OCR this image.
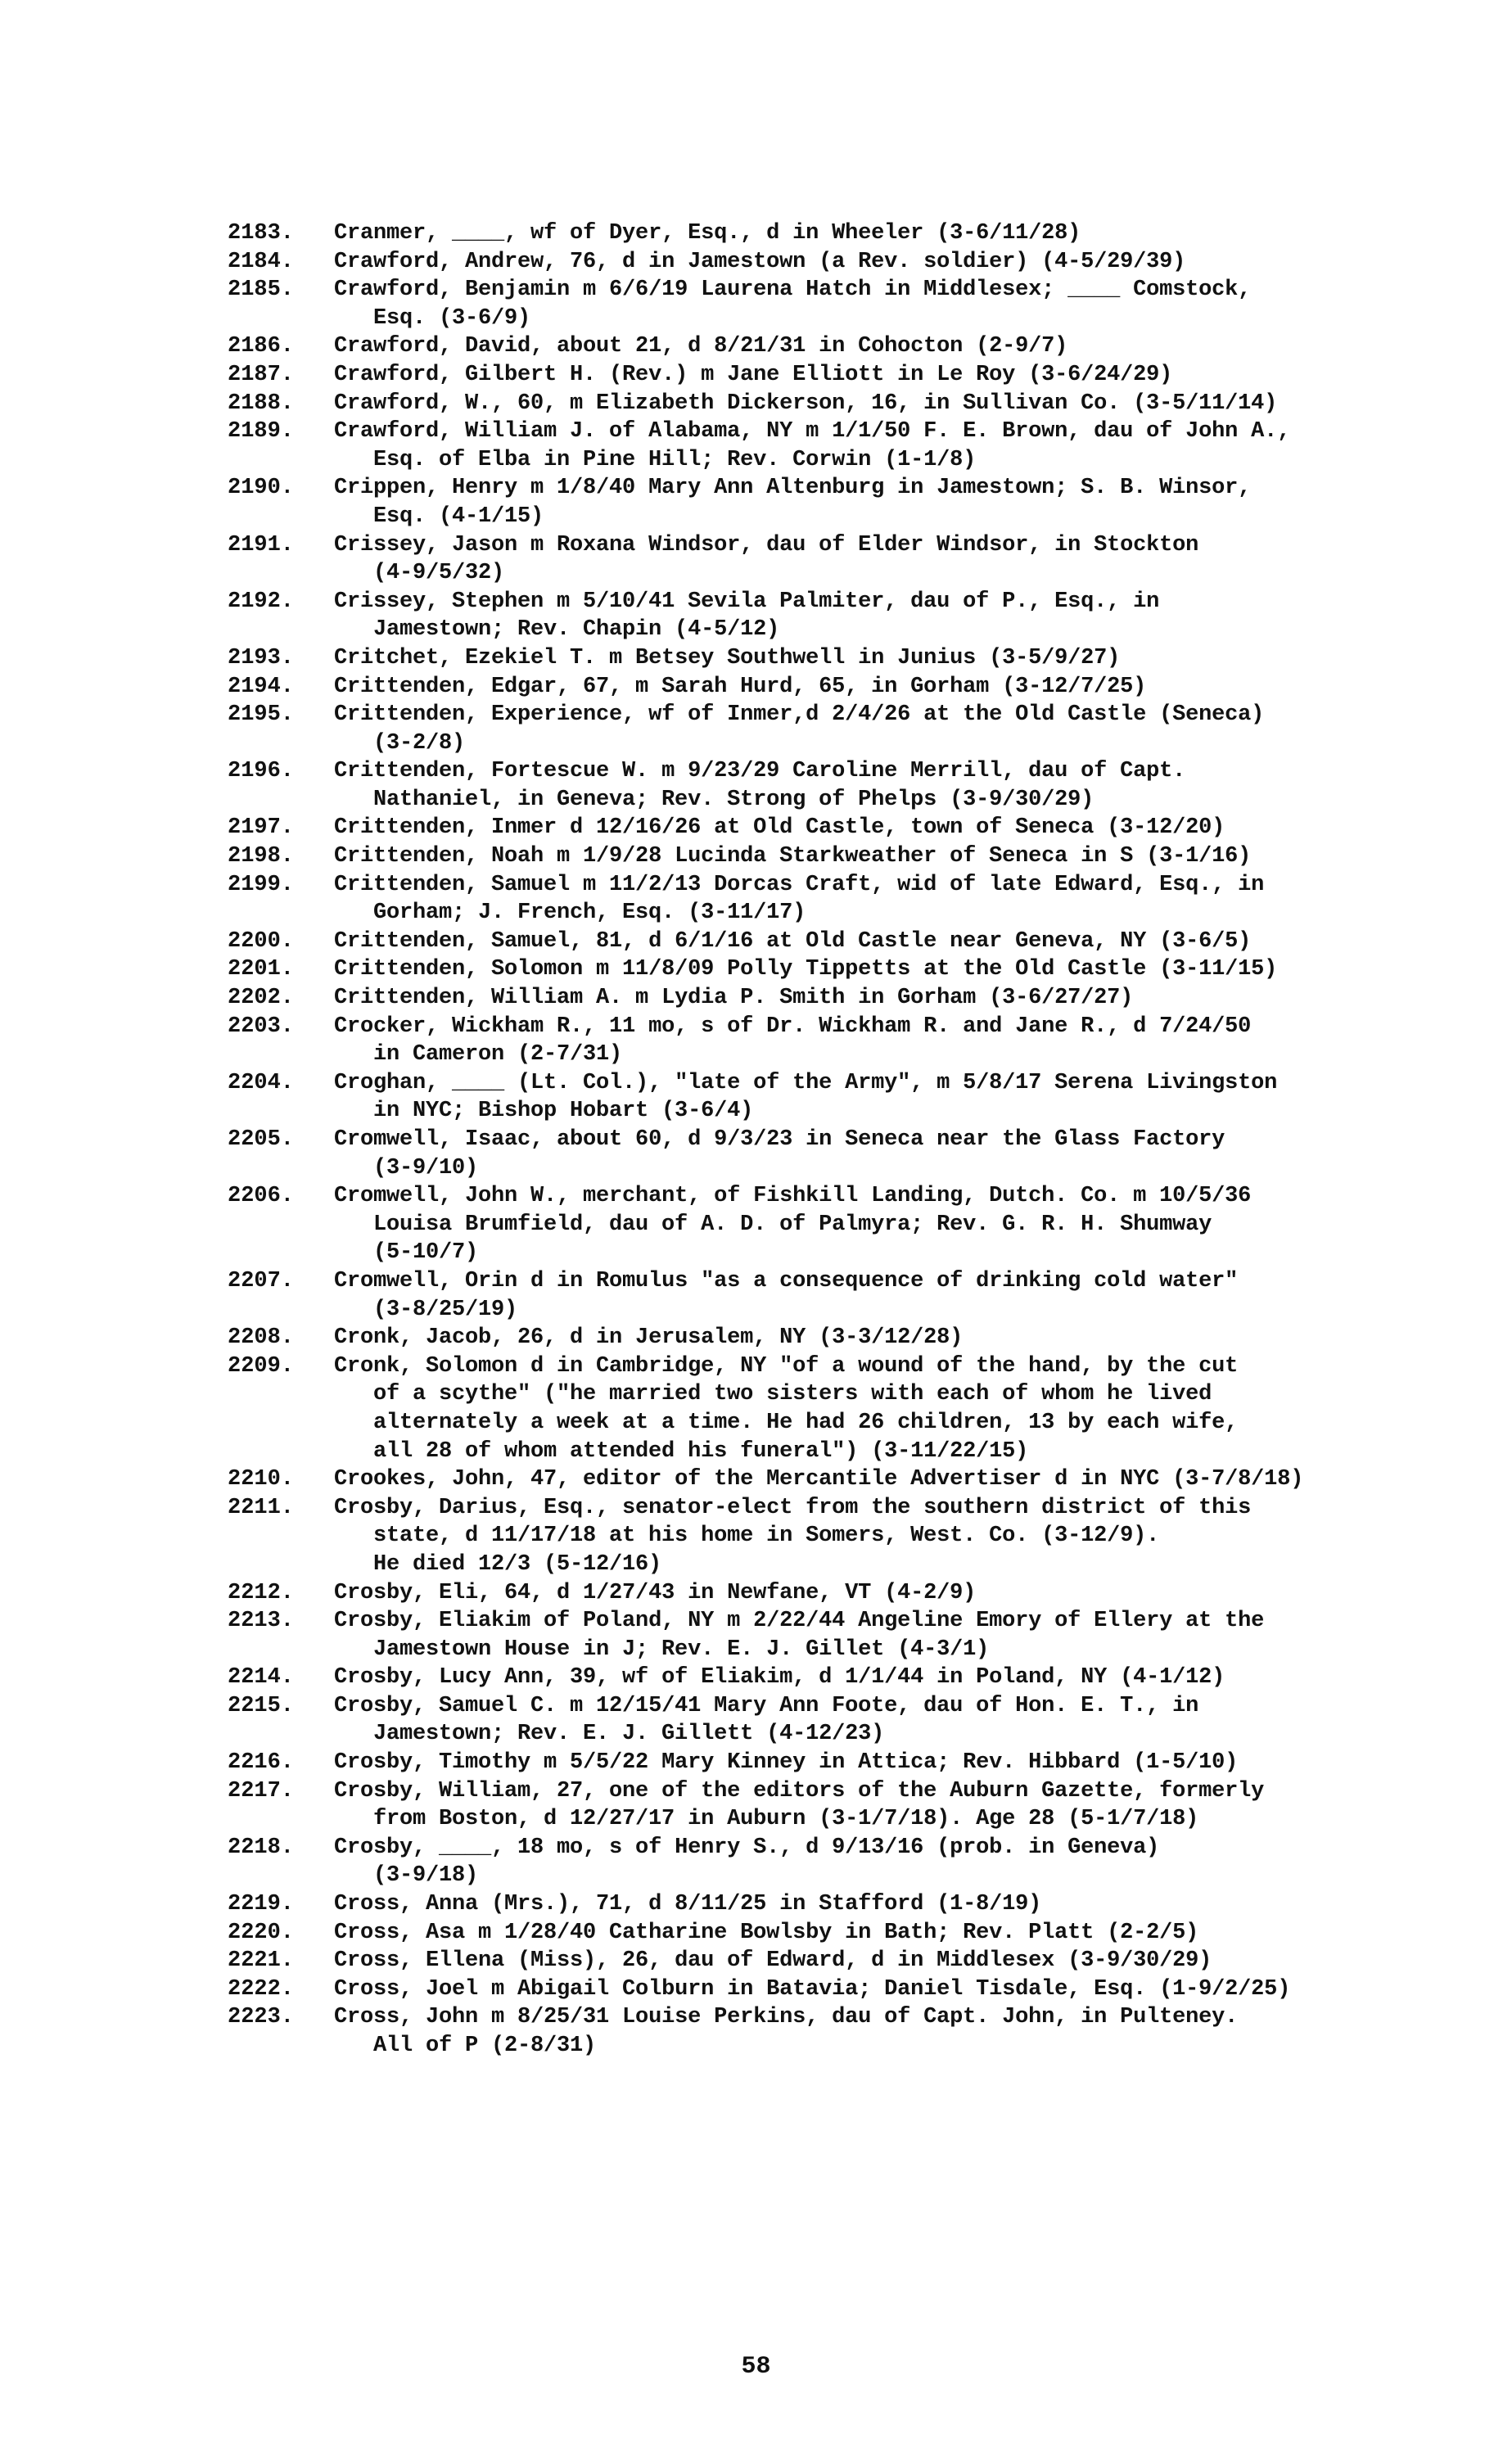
2183.	Cranmer, ____, wf of Dyer, Esq., d in Wheeler (3-6/11/28)
2184.	Crawford, Andrew, 76, d in Jamestown (a Rev. soldier) (4-5/29/39)
2185.	Crawford, Benjamin m 6/6/19 Laurena Hatch in Middlesex; ____ Comstock,
Esq. (3-6/9)
2186.	Crawford, David, about 21, d 8/21/31 in Cohocton (2-9/7)
2187.	Crawford, Gilbert H. (Rev.) m Jane Elliott in Le Roy (3-6/24/29)
2188.	Crawford, W., 60, m Elizabeth Dickerson, 16, in Sullivan Co. (3-5/11/14)
2189.	Crawford, William J. of Alabama, NY m 1/1/50 F. E. Brown, dau of John A.,
Esq. of Elba in Pine Hill; Rev. Corwin (1-1/8)
2190.	Crippen, Henry m 1/8/40 Mary Ann Altenburg in Jamestown; S. B. Winsor,
Esq. (4-1/15)
2191.	Crissey, Jason m Roxana Windsor, dau of Elder Windsor, in Stockton
(4-9/5/32)
2192.	Crissey, Stephen m 5/10/41 Sevila Palmiter, dau of P., Esq., in
Jamestown; Rev. Chapin (4-5/12)
2193.	Critchet, Ezekiel T. m Betsey Southwell in Junius (3-5/9/27)
2194.	Crittenden, Edgar, 67, m Sarah Hurd, 65, in Gorham (3-12/7/25)
2195.	Crittenden, Experience, wf of Inmer,d 2/4/26 at the Old Castle (Seneca)
(3-2/8)
2196.	Crittenden, Fortescue W. m 9/23/29 Caroline Merrill, dau of Capt.
Nathaniel, in Geneva; Rev. Strong of Phelps (3-9/30/29)
2197.	Crittenden, Inmer d 12/16/26 at Old Castle, town of Seneca (3-12/20)
2198.	Crittenden, Noah m 1/9/28 Lucinda Starkweather of Seneca in S (3-1/16)
2199.	Crittenden, Samuel m 11/2/13 Dorcas Craft, wid of late Edward, Esq., in
Gorham; J. French, Esq. (3-11/17)
2200.	Crittenden, Samuel, 81, d 6/1/16 at Old Castle near Geneva, NY (3-6/5)
2201.	Crittenden, Solomon m 11/8/09 Polly Tippetts at the Old Castle (3-11/15)
2202.	Crittenden, William A. m Lydia P. Smith in Gorham (3-6/27/27)
2203.	Crocker, Wickham R., 11 mo, s of Dr. Wickham R. and Jane R., d 7/24/50
in Cameron (2-7/31)
2204.	Croghan, ____ (Lt. Col.), "late of the Army", m 5/8/17 Serena Livingston
in NYC; Bishop Hobart (3-6/4)
2205.	Cromwell, Isaac, about 60, d 9/3/23 in Seneca near the Glass Factory
(3-9/10)
2206.	Cromwell, John W., merchant, of Fishkill Landing, Dutch. Co. m 10/5/36
Louisa Brumfield, dau of A. D. of Palmyra; Rev. G. R. H. Shumway
(5-10/7)
2207.	Cromwell, Orin d in Romulus "as a consequence of drinking cold water"
(3-8/25/19)
2208.	Cronk, Jacob, 26, d in Jerusalem, NY (3-3/12/28)
2209.	Cronk, Solomon d in Cambridge, NY "of a wound of the hand, by the cut
of a scythe" ("he married two sisters with each of whom he lived
alternately a week at a time. He had 26 children, 13 by each wife,
all 28 of whom attended his funeral") (3-11/22/15)
2210.	Crookes, John, 47, editor of the Mercantile Advertiser d in NYC (3-7/8/18)
2211.	Crosby, Darius, Esq., senator-elect from the southern district of this
state, d 11/17/18 at his home in Somers, West. Co. (3-12/9).
He died 12/3 (5-12/16)
2212.	Crosby, Eli, 64, d 1/27/43 in Newfane, VT (4-2/9)
2213.	Crosby, Eliakim of Poland, NY m 2/22/44 Angeline Emory of Ellery at the
Jamestown House in J; Rev. E. J. Gillet (4-3/1)
2214.	Crosby, Lucy Ann, 39, wf of Eliakim, d 1/1/44 in Poland, NY (4-1/12)
2215.	Crosby, Samuel C. m 12/15/41 Mary Ann Foote, dau of Hon. E. T., in
Jamestown; Rev. E. J. Gillett (4-12/23)
2216.	Crosby, Timothy m 5/5/22 Mary Kinney in Attica; Rev. Hibbard (1-5/10)
2217.	Crosby, William, 27, one of the editors of the Auburn Gazette, formerly
from Boston, d 12/27/17 in Auburn (3-1/7/18). Age 28 (5-1/7/18)
2218.	Crosby, ____, 18 mo, s of Henry S., d 9/13/16 (prob. in Geneva)
(3-9/18)
2219.	Cross, Anna (Mrs.), 71, d 8/11/25 in Stafford (1-8/19)
2220.	Cross, Asa m 1/28/40 Catharine Bowlsby in Bath; Rev. Platt (2-2/5)
2221.	Cross, Ellena (Miss), 26, dau of Edward, d in Middlesex (3-9/30/29)
2222.	Cross, Joel m Abigail Colburn in Batavia; Daniel Tisdale, Esq. (1-9/2/25)
2223.	Cross, John m 8/25/31 Louise Perkins, dau of Capt. John, in Pulteney.
All of P (2-8/31)
58
